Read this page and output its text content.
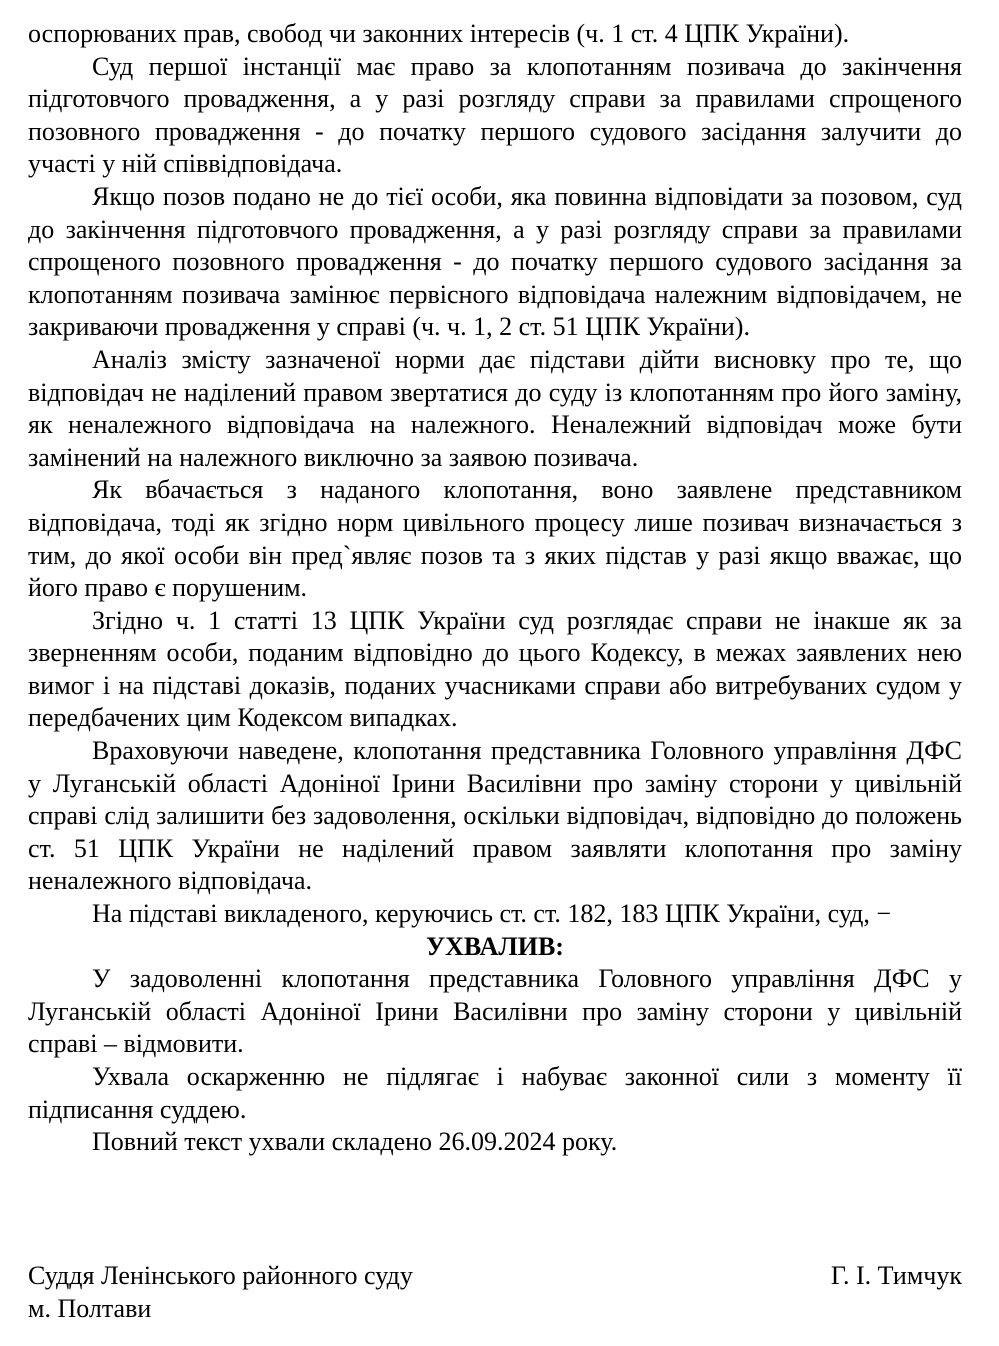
оспорюваних прав, свобод чи законних інтересів (ч. 1 ст. 4 ЦПК України).

Суд першої інстанції має право за клопотанням позивача до закінчення підготовчого провадження, а у разі розгляду справи за правилами спрощеного позовного провадження - до початку першого судового засідання залучити до участі у ній співвідповідача.

Якщо позов подано не до тієї особи, яка повинна відповідати за позовом, суд до закінчення підготовчого провадження, а у разі розгляду справи за правилами спрощеного позовного провадження - до початку першого судового засідання за клопотанням позивача замінює первісного відповідача належним відповідачем, не закриваючи провадження у справі (ч. ч. 1, 2 ст. 51 ЦПК України).

Аналіз змісту зазначеної норми дає підстави дійти висновку про те, що відповідач не наділений правом звертатися до суду із клопотанням про його заміну, як неналежного відповідача на належного. Неналежний відповідач може бути замінений на належного виключно за заявою позивача.

Як вбачається з наданого клопотання, воно заявлене представником відповідача, тоді як згідно норм цивільного процесу лише позивач визначається з тим, до якої особи він пред`являє позов та з яких підстав у разі якщо вважає, що його право є порушеним.

Згідно ч. 1 статті 13 ЦПК України суд розглядає справи не інакше як за зверненням особи, поданим відповідно до цього Кодексу, в межах заявлених нею вимог і на підставі доказів, поданих учасниками справи або витребуваних судом у передбачених цим Кодексом випадках.

Враховуючи наведене, клопотання представника Головного управління ДФС у Луганській області Адоніної Ірини Василівни про заміну сторони у цивільній справі слід залишити без задоволення, оскільки відповідач, відповідно до положень ст. 51 ЦПК України не наділений правом заявляти клопотання про заміну неналежного відповідача.

На підставі викладеного, керуючись ст. ст. 182, 183 ЦПК України, суд, −

УХВАЛИВ:

У задоволенні клопотання представника Головного управління ДФС у Луганській області Адоніної Ірини Василівни про заміну сторони у цивільній справі – відмовити.

Ухвала оскарженню не підлягає і набуває законної сили з моменту її підписання суддею.

Повний текст ухвали складено 26.09.2024 року.

Суддя Ленінського районного суду	Г. І. Тимчук

м. Полтави
